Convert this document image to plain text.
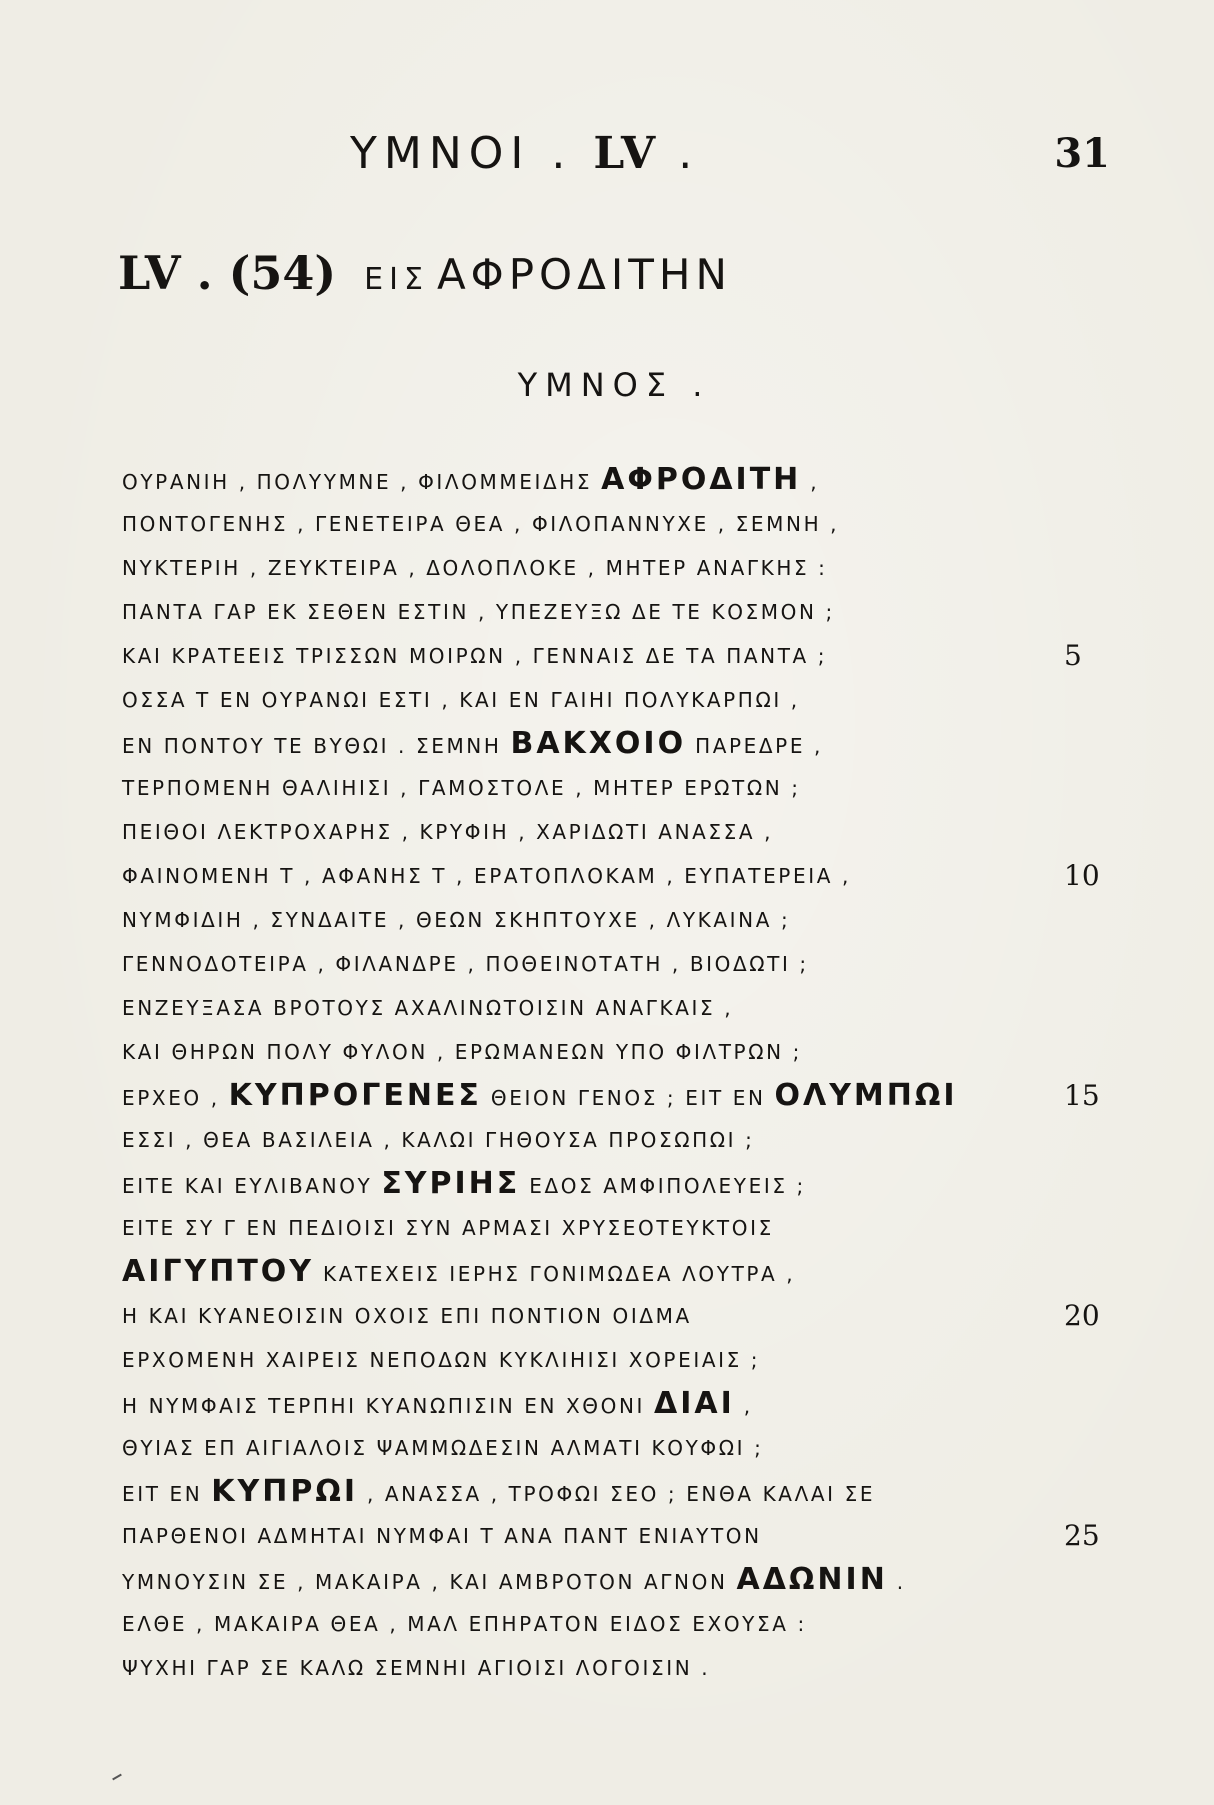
ΥΜΝΟΙ . LV .	31
LV . (54) ΕΙΣ ΑΦΡΟΔΙΤΗΝ
ΥΜΝΟΣ .
ΟΥΡΑΝΙΗ , ΠΟΛΥΥΜΝΕ , ΦΙΛΟΜΜΕΙΔΗΣ ΑΦΡΟΔΙΤΗ ,
ΠΟΝΤΟΓΕΝΗΣ , ΓΕΝΕΤΕΙΡΑ ΘΕΑ , ΦΙΛΟΠΑΝΝΥΧΕ , ΣΕΜΝΗ ,
ΝΥΚΤΕΡΙΗ , ΖΕΥΚΤΕΙΡΑ , ΔΟΛΟΠΛΟΚΕ , ΜΗΤΕΡ ΑΝΑΓΚΗΣ :
ΠΑΝΤΑ ΓΑΡ ΕΚ ΣΕΘΕΝ ΕΣΤΙΝ , ΥΠΕΖΕΥΞΩ ΔΕ ΤΕ ΚΟΣΜΟΝ ;
ΚΑΙ ΚΡΑΤΕΕΙΣ ΤΡΙΣΣΩΝ ΜΟΙΡΩΝ , ΓΕΝΝΑΙΣ ΔΕ ΤΑ ΠΑΝΤΑ ;	5
ΟΣΣΑ Τ ΕΝ ΟΥΡΑΝΩΙ ΕΣΤΙ , ΚΑΙ ΕΝ ΓΑΙΗΙ ΠΟΛΥΚΑΡΠΩΙ ,
ΕΝ ΠΟΝΤΟΥ ΤΕ ΒΥΘΩΙ . ΣΕΜΝΗ ΒΑΚΧΟΙΟ ΠΑΡΕΔΡΕ ,
ΤΕΡΠΟΜΕΝΗ ΘΑΛΙΗΙΣΙ , ΓΑΜΟΣΤΟΛΕ , ΜΗΤΕΡ ΕΡΩΤΩΝ ;
ΠΕΙΘΟΙ ΛΕΚΤΡΟΧΑΡΗΣ , ΚΡΥΦΙΗ , ΧΑΡΙΔΩΤΙ ΑΝΑΣΣΑ ,
ΦΑΙΝΟΜΕΝΗ Τ , ΑΦΑΝΗΣ Τ , ΕΡΑΤΟΠΛΟΚΑΜ , ΕΥΠΑΤΕΡΕΙΑ ,	10
ΝΥΜΦΙΔΙΗ , ΣΥΝΔΑΙΤΕ , ΘΕΩΝ ΣΚΗΠΤΟΥΧΕ , ΛΥΚΑΙΝΑ ;
ΓΕΝΝΟΔΟΤΕΙΡΑ , ΦΙΛΑΝΔΡΕ , ΠΟΘΕΙΝΟΤΑΤΗ , ΒΙΟΔΩΤΙ ;
ΕΝΖΕΥΞΑΣΑ ΒΡΟΤΟΥΣ ΑΧΑΛΙΝΩΤΟΙΣΙΝ ΑΝΑΓΚΑΙΣ ,
ΚΑΙ ΘΗΡΩΝ ΠΟΛΥ ΦΥΛΟΝ , ΕΡΩΜΑΝΕΩΝ ΥΠΟ ΦΙΛΤΡΩΝ ;
ΕΡΧΕΟ , ΚΥΠΡΟΓΕΝΕΣ ΘΕΙΟΝ ΓΕΝΟΣ ; ΕΙΤ ΕΝ ΟΛΥΜΠΩΙ	15
ΕΣΣΙ , ΘΕΑ ΒΑΣΙΛΕΙΑ , ΚΑΛΩΙ ΓΗΘΟΥΣΑ ΠΡΟΣΩΠΩΙ ;
ΕΙΤΕ ΚΑΙ ΕΥΛΙΒΑΝΟΥ ΣΥΡΙΗΣ ΕΔΟΣ ΑΜΦΙΠΟΛΕΥΕΙΣ ;
ΕΙΤΕ ΣΥ Γ ΕΝ ΠΕΔΙΟΙΣΙ ΣΥΝ ΑΡΜΑΣΙ ΧΡΥΣΕΟΤΕΥΚΤΟΙΣ
ΑΙΓΥΠΤΟΥ ΚΑΤΕΧΕΙΣ ΙΕΡΗΣ ΓΟΝΙΜΩΔΕΑ ΛΟΥΤΡΑ ,
Η ΚΑΙ ΚΥΑΝΕΟΙΣΙΝ ΟΧΟΙΣ ΕΠΙ ΠΟΝΤΙΟΝ ΟΙΔΜΑ	20
ΕΡΧΟΜΕΝΗ ΧΑΙΡΕΙΣ ΝΕΠΟΔΩΝ ΚΥΚΛΙΗΙΣΙ ΧΟΡΕΙΑΙΣ ;
Η ΝΥΜΦΑΙΣ ΤΕΡΠΗΙ ΚΥΑΝΩΠΙΣΙΝ ΕΝ ΧΘΟΝΙ ΔΙΑΙ ,
ΘΥΙΑΣ ΕΠ ΑΙΓΙΑΛΟΙΣ ΨΑΜΜΩΔΕΣΙΝ ΑΛΜΑΤΙ ΚΟΥΦΩΙ ;
ΕΙΤ ΕΝ ΚΥΠΡΩΙ , ΑΝΑΣΣΑ , ΤΡΟΦΩΙ ΣΕΟ ; ΕΝΘΑ ΚΑΛΑΙ ΣΕ
ΠΑΡΘΕΝΟΙ ΑΔΜΗΤΑΙ ΝΥΜΦΑΙ Τ ΑΝΑ ΠΑΝΤ ΕΝΙΑΥΤΟΝ	25
ΥΜΝΟΥΣΙΝ ΣΕ , ΜΑΚΑΙΡΑ , ΚΑΙ ΑΜΒΡΟΤΟΝ ΑΓΝΟΝ ΑΔΩΝΙΝ .
ΕΛΘΕ , ΜΑΚΑΙΡΑ ΘΕΑ , ΜΑΛ ΕΠΗΡΑΤΟΝ ΕΙΔΟΣ ΕΧΟΥΣΑ :
ΨΥΧΗΙ ΓΑΡ ΣΕ ΚΑΛΩ ΣΕΜΝΗΙ ΑΓΙΟΙΣΙ ΛΟΓΟΙΣΙΝ .
